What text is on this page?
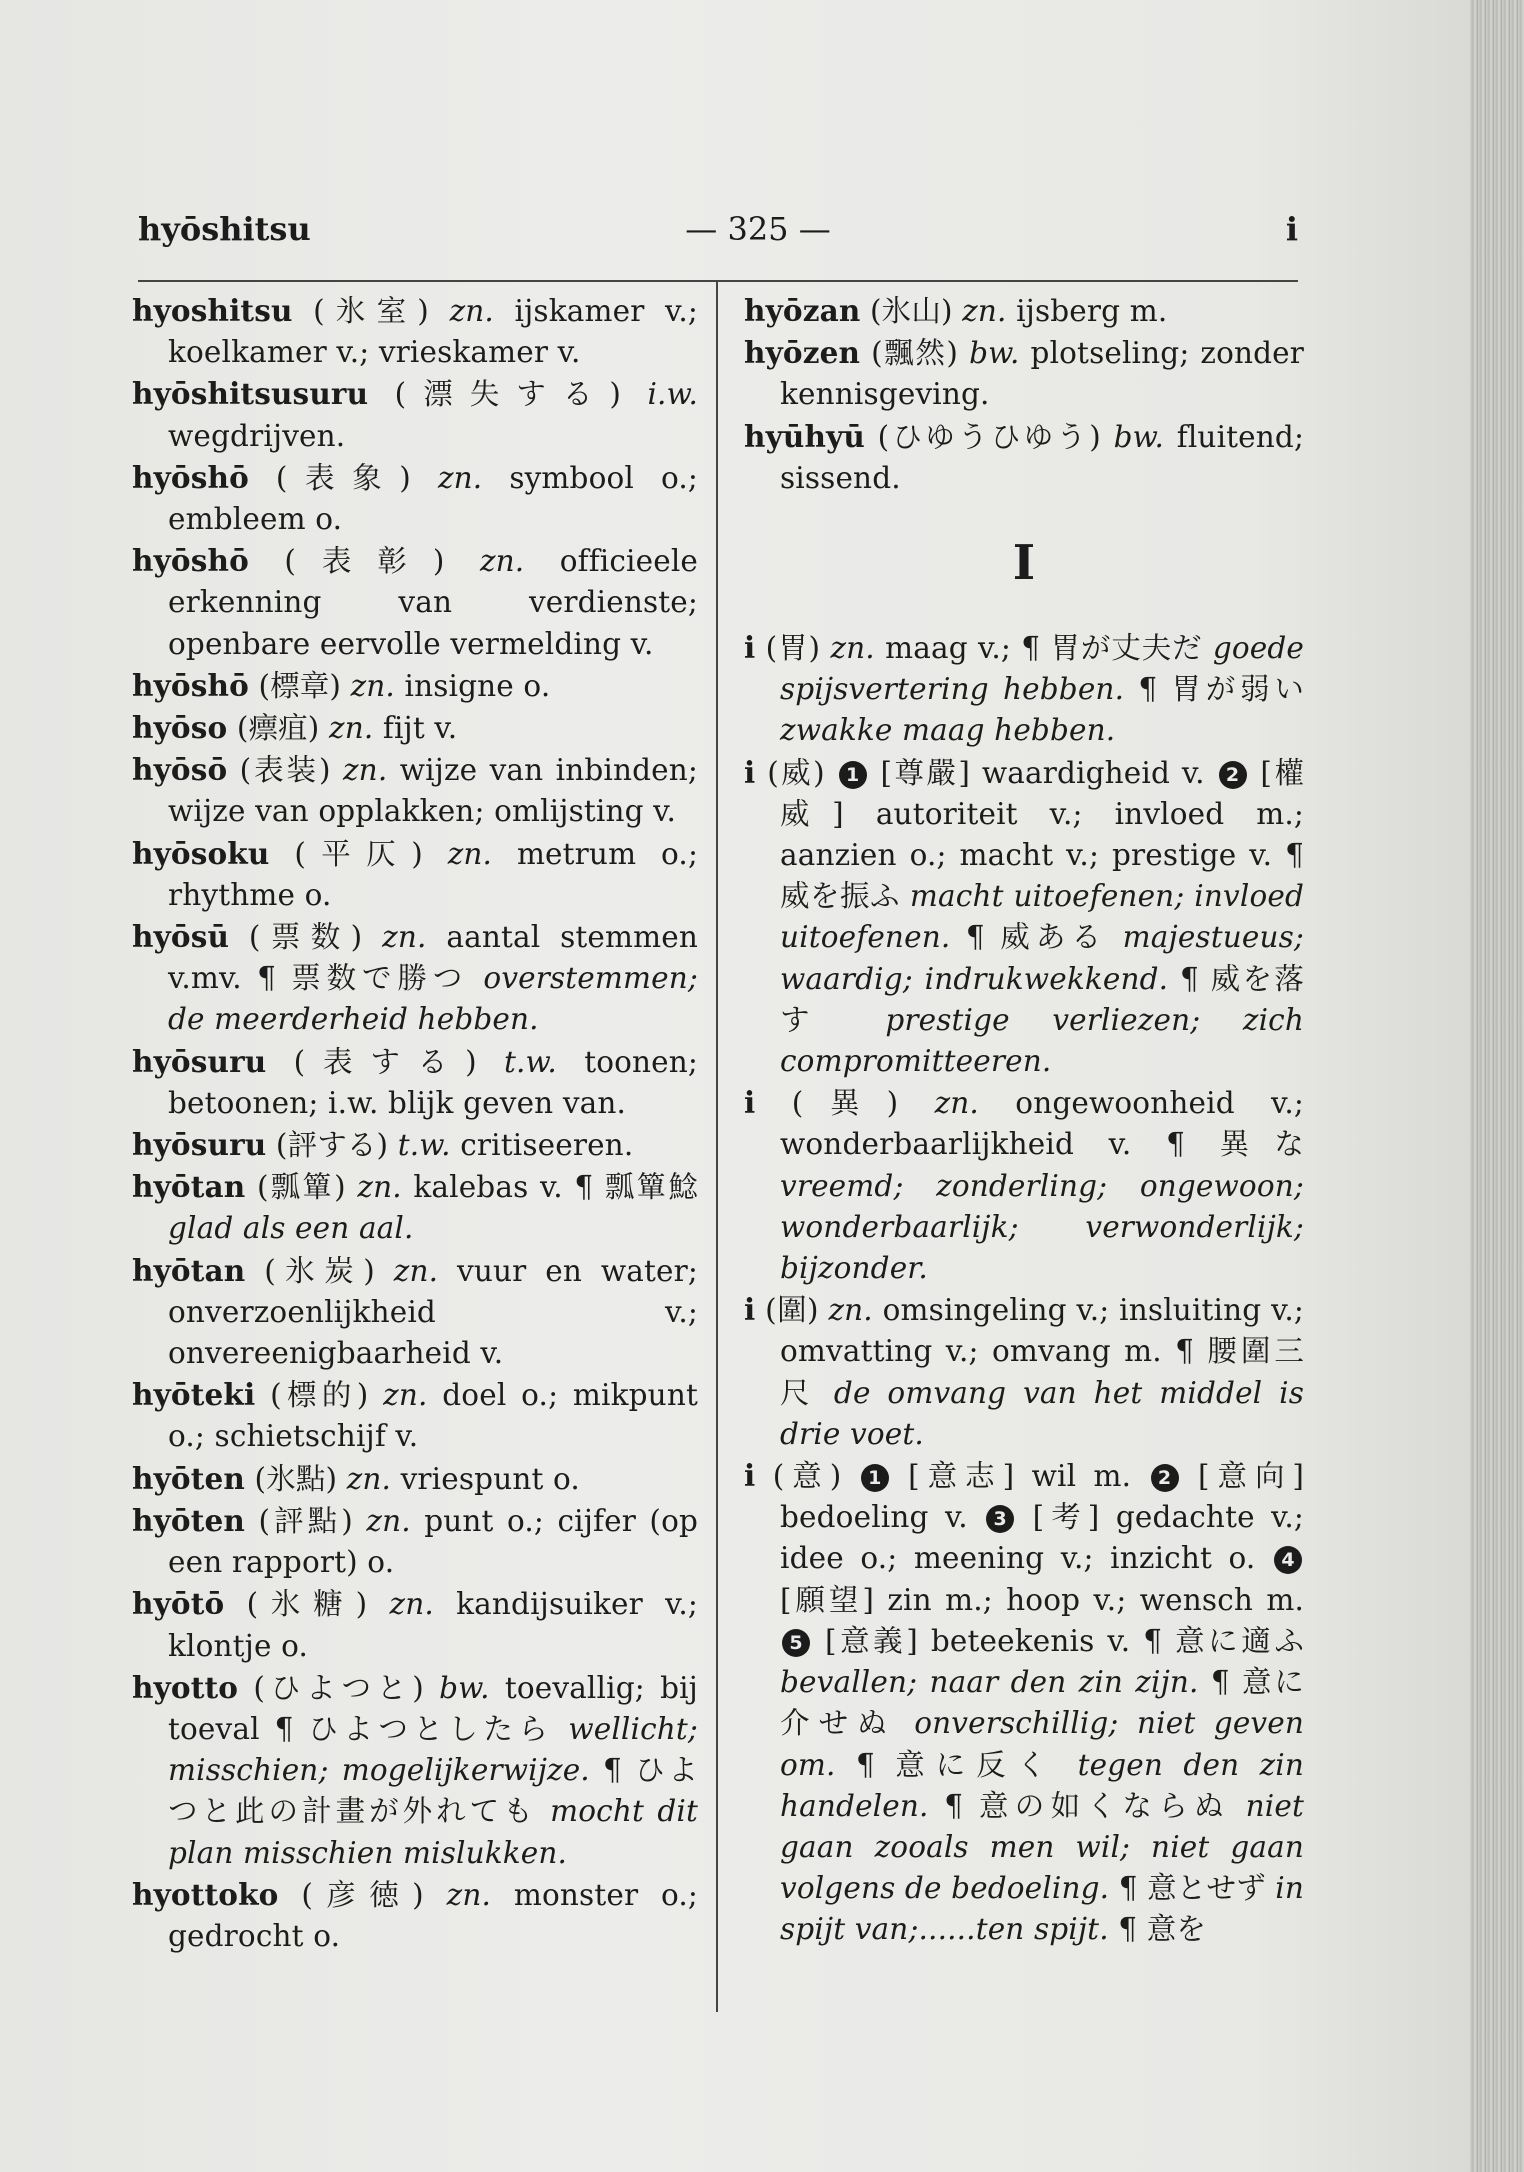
hyōshitsu	— 325 —	i

hyoshitsu (氷室) zn. ijskamer v.; koelkamer v.; vrieskamer v.

hyōshitsusuru (漂失する) i.w. wegdrijven.

hyōshō (表象) zn. symbool o.; embleem o.

hyōshō (表彰) zn. officieele erkenning van verdienste; openbare eervolle vermelding v.

hyōshō (標章) zn. insigne o.

hyōso (瘭疽) zn. fijt v.

hyōsō (表装) zn. wijze van inbinden; wijze van opplakken; omlijsting v.

hyōsoku (平仄) zn. metrum o.; rhythme o.

hyōsū (票数) zn. aantal stemmen v.mv. ¶ 票数で勝つ overstemmen; de meerderheid hebben.

hyōsuru (表する) t.w. toonen; betoonen; i.w. blijk geven van.

hyōsuru (評する) t.w. critiseeren.

hyōtan (瓢簞) zn. kalebas v. ¶ 瓢簞鯰 glad als een aal.

hyōtan (氷炭) zn. vuur en water; onverzoenlijkheid v.; onvereenigbaarheid v.

hyōteki (標的) zn. doel o.; mikpunt o.; schietschijf v.

hyōten (氷點) zn. vriespunt o.

hyōten (評點) zn. punt o.; cijfer (op een rapport) o.

hyōtō (氷糖) zn. kandijsuiker v.; klontje o.

hyotto (ひよつと) bw. toevallig; bij toeval ¶ ひよつとしたら wellicht; misschien; mogelijkerwijze. ¶ ひよつと此の計畫が外れても mocht dit plan misschien mislukken.

hyottoko (彦徳) zn. monster o.; gedrocht o.

hyōzan (氷山) zn. ijsberg m.

hyōzen (飄然) bw. plotseling; zonder kennisgeving.

hyūhyū (ひゆうひゆう) bw. fluitend; sissend.

I

i (胃) zn. maag v.; ¶ 胃が丈夫だ goede spijsvertering hebben. ¶ 胃が弱い zwakke maag hebben.

i (威) 1 [尊嚴] waardigheid v. 2 [權威] autoriteit v.; invloed m.; aanzien o.; macht v.; prestige v. ¶ 威を振ふ macht uitoefenen; invloed uitoefenen. ¶ 威ある majestueus; waardig; indrukwekkend. ¶ 威を落す prestige verliezen; zich compromitteeren.

i (異) zn. ongewoonheid v.; wonderbaarlijkheid v. ¶ 異な vreemd; zonderling; ongewoon; wonderbaarlijk; verwonderlijk; bijzonder.

i (圍) zn. omsingeling v.; insluiting v.; omvatting v.; omvang m. ¶ 腰圍三尺 de omvang van het middel is drie voet.

i (意) 1 [意志] wil m. 2 [意向] bedoeling v. 3 [考] gedachte v.; idee o.; meening v.; inzicht o. 4 [願望] zin m.; hoop v.; wensch m. 5 [意義] beteekenis v. ¶ 意に適ふ bevallen; naar den zin zijn. ¶ 意に介せぬ onverschillig; niet geven om. ¶ 意に反く tegen den zin handelen. ¶ 意の如くならぬ niet gaan zooals men wil; niet gaan volgens de bedoeling. ¶ 意とせず in spijt van;......ten spijt. ¶ 意を
